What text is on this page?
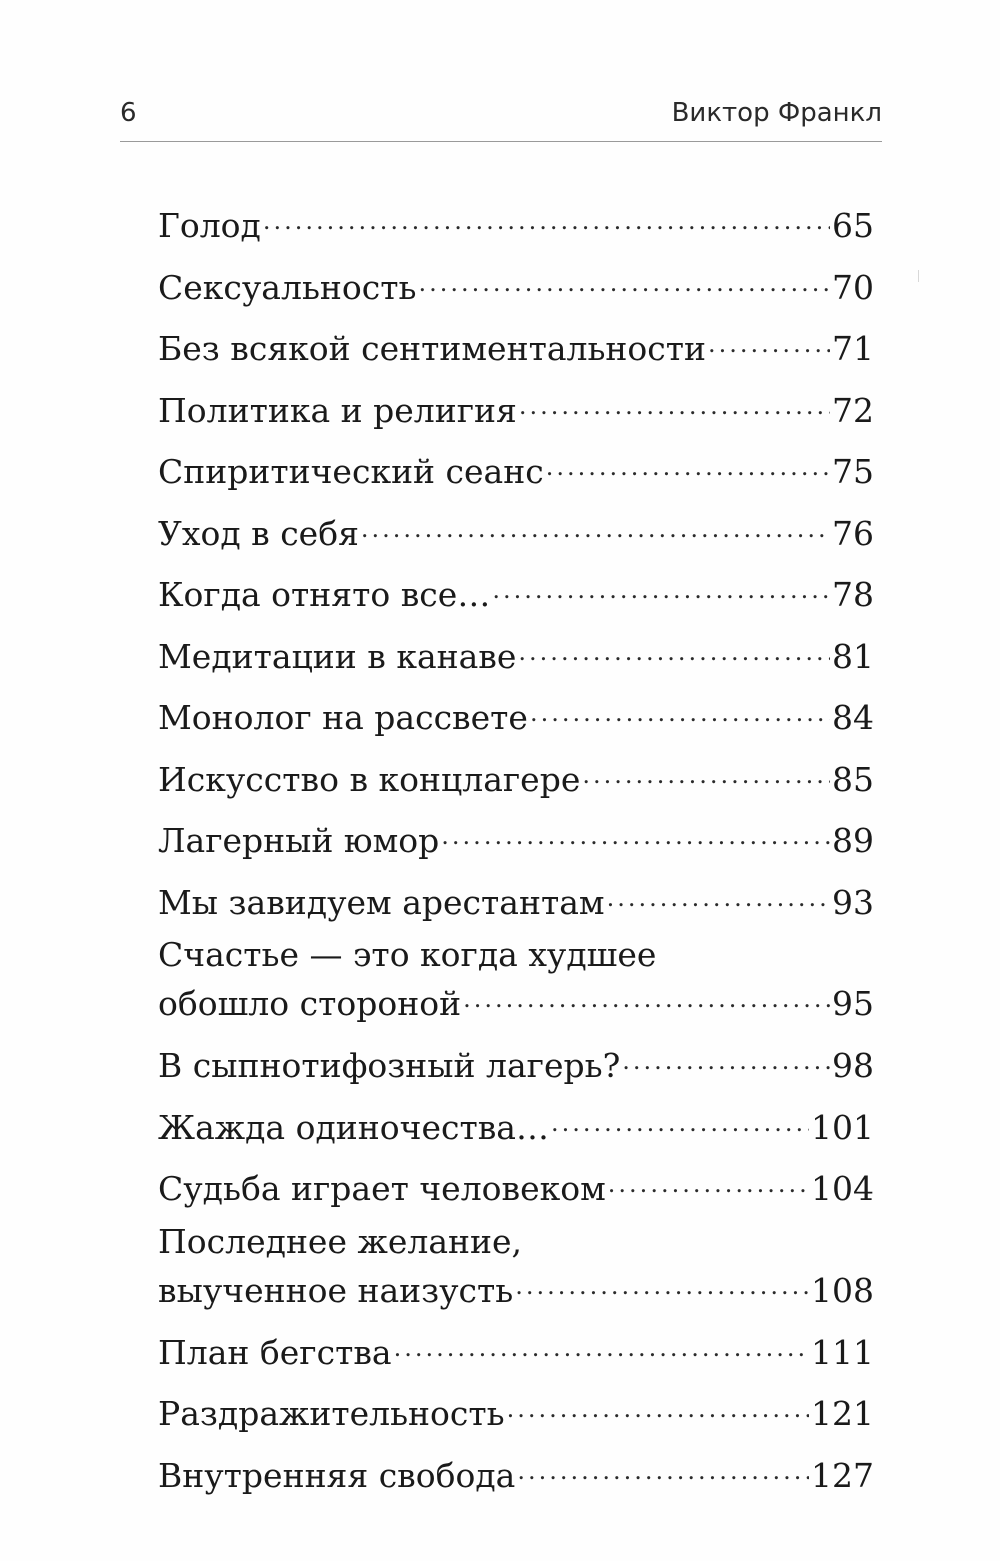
6	Виктор Франкл
Голод .....	65
Сексуальность .....	70
Без всякой сентиментальности .....	71
Политика и религия .....	72
Спиритический сеанс .....	75
Уход в себя .....	76
Когда отнято все… .....	78
Медитации в канаве .....	81
Монолог на рассвете .....	84
Искусство в концлагере .....	85
Лагерный юмор .....	89
Мы завидуем арестантам .....	93
Счастье — это когда худшее
обошло стороной .....	95
В сыпнотифозный лагерь? .....	98
Жажда одиночества… .....	101
Судьба играет человеком .....	104
Последнее желание,
выученное наизусть .....	108
План бегства .....	111
Раздражительность .....	121
Внутренняя свобода .....	127
